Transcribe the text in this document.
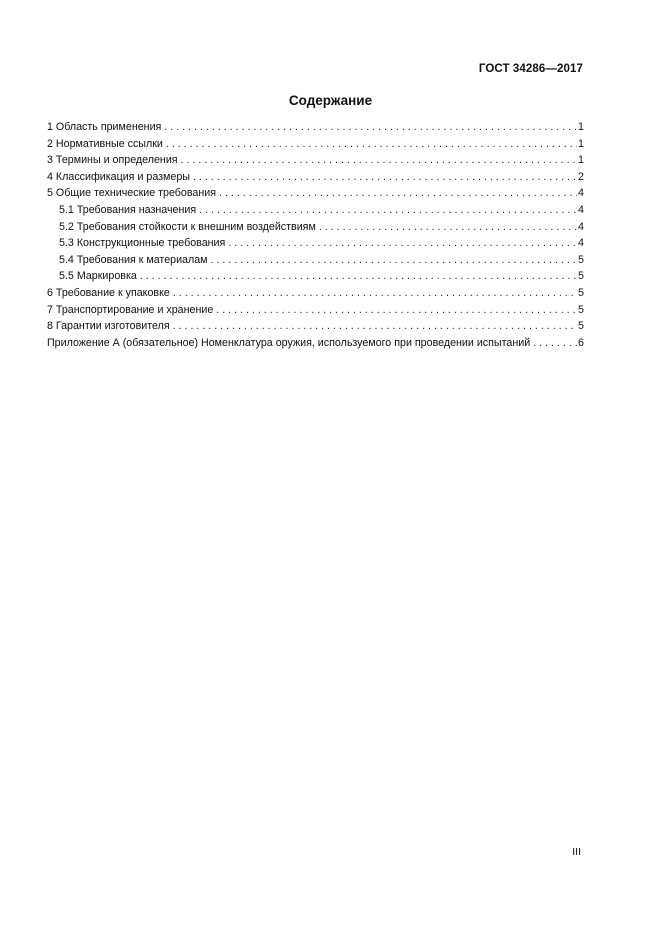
ГОСТ 34286—2017
Содержание
1 Область применения . . .	1
2 Нормативные ссылки . . .	1
3 Термины и определения . . .	1
4 Классификация и размеры . . .	2
5 Общие технические требования . . .	4
5.1 Требования назначения . . .	4
5.2 Требования стойкости к внешним воздействиям . . .	4
5.3 Конструкционные требования . . .	4
5.4 Требования к материалам . . .	5
5.5 Маркировка . . .	5
6 Требование к упаковке . . .	5
7 Транспортирование и хранение . . .	5
8 Гарантии изготовителя . . .	5
Приложение А (обязательное) Номенклатура оружия, используемого при проведении испытаний . . .	6
III
